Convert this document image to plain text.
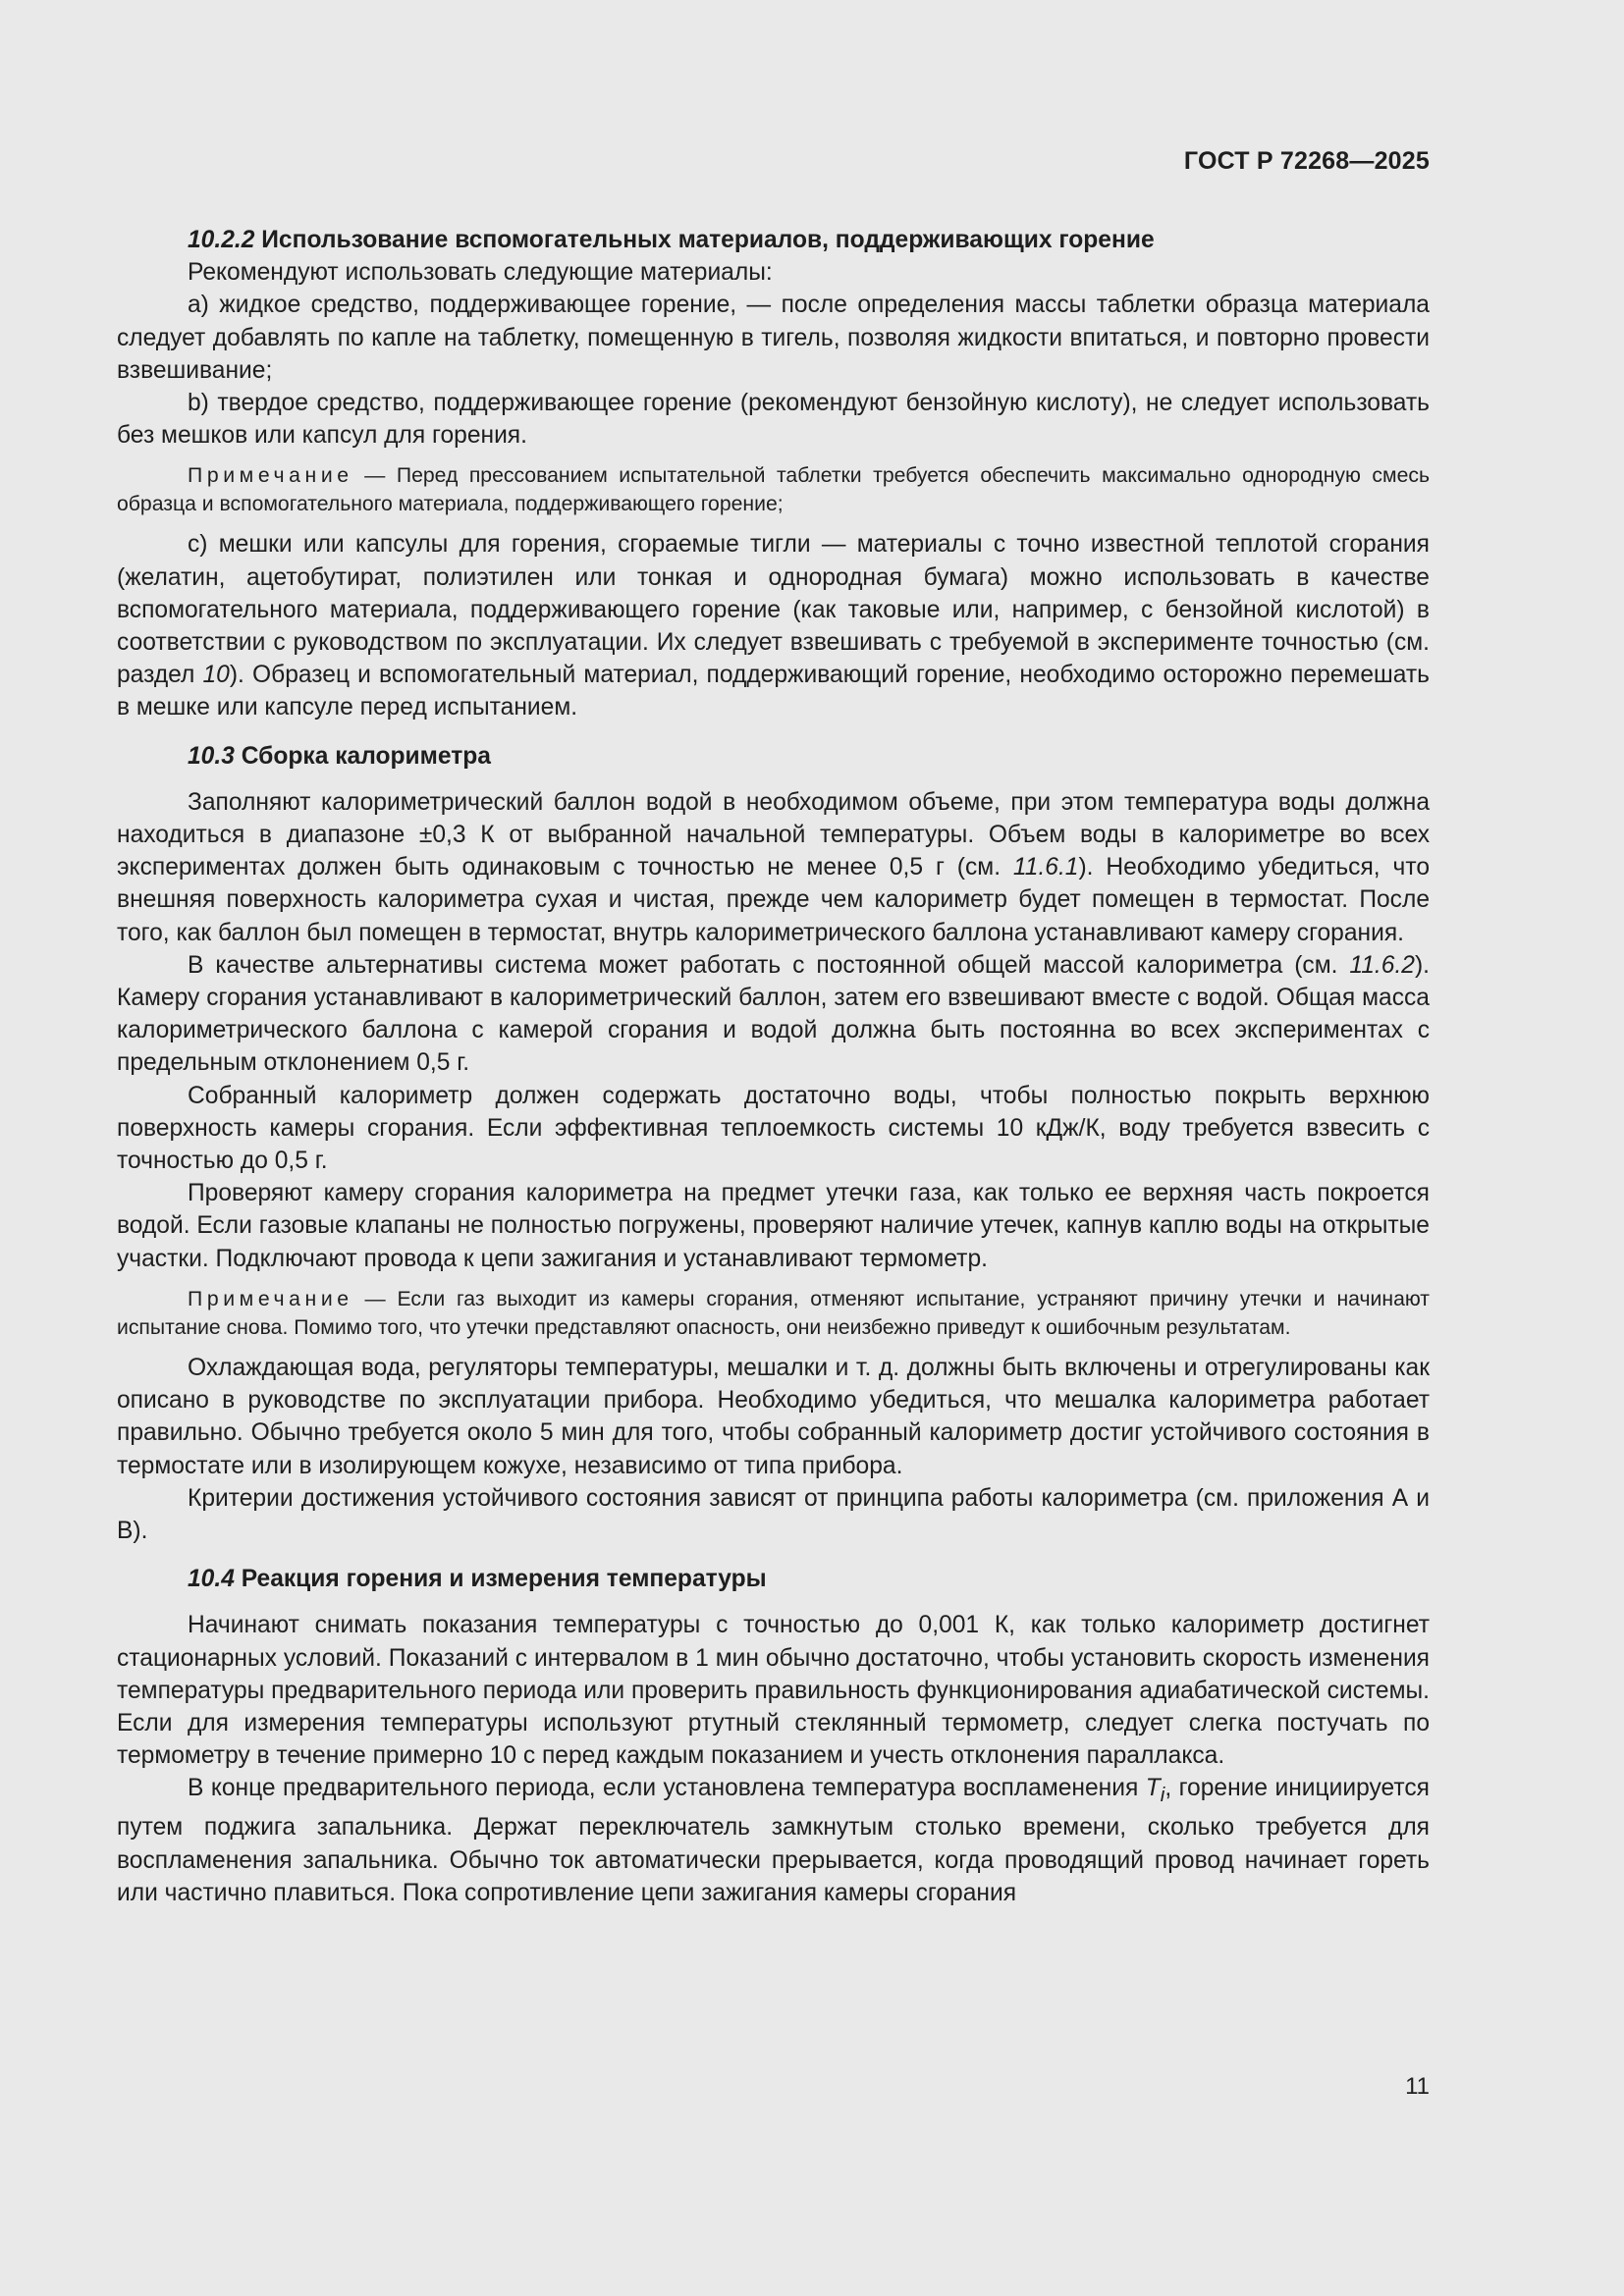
ГОСТ Р 72268—2025

10.2.2 Использование вспомогательных материалов, поддерживающих горение

Рекомендуют использовать следующие материалы:

a) жидкое средство, поддерживающее горение, — после определения массы таблетки образца материала следует добавлять по капле на таблетку, помещенную в тигель, позволяя жидкости впитаться, и повторно провести взвешивание;

b) твердое средство, поддерживающее горение (рекомендуют бензойную кислоту), не следует использовать без мешков или капсул для горения.

Примечание — Перед прессованием испытательной таблетки требуется обеспечить максимально однородную смесь образца и вспомогательного материала, поддерживающего горение;

c) мешки или капсулы для горения, сгораемые тигли — материалы с точно известной теплотой сгорания (желатин, ацетобутират, полиэтилен или тонкая и однородная бумага) можно использовать в качестве вспомогательного материала, поддерживающего горение (как таковые или, например, с бензойной кислотой) в соответствии с руководством по эксплуатации. Их следует взвешивать с требуемой в эксперименте точностью (см. раздел 10). Образец и вспомогательный материал, поддерживающий горение, необходимо осторожно перемешать в мешке или капсуле перед испытанием.

10.3 Сборка калориметра

Заполняют калориметрический баллон водой в необходимом объеме, при этом температура воды должна находиться в диапазоне ±0,3 К от выбранной начальной температуры. Объем воды в калориметре во всех экспериментах должен быть одинаковым с точностью не менее 0,5 г (см. 11.6.1). Необходимо убедиться, что внешняя поверхность калориметра сухая и чистая, прежде чем калориметр будет помещен в термостат. После того, как баллон был помещен в термостат, внутрь калориметрического баллона устанавливают камеру сгорания.

В качестве альтернативы система может работать с постоянной общей массой калориметра (см. 11.6.2). Камеру сгорания устанавливают в калориметрический баллон, затем его взвешивают вместе с водой. Общая масса калориметрического баллона с камерой сгорания и водой должна быть постоянна во всех экспериментах с предельным отклонением 0,5 г.

Собранный калориметр должен содержать достаточно воды, чтобы полностью покрыть верхнюю поверхность камеры сгорания. Если эффективная теплоемкость системы 10 кДж/К, воду требуется взвесить с точностью до 0,5 г.

Проверяют камеру сгорания калориметра на предмет утечки газа, как только ее верхняя часть покроется водой. Если газовые клапаны не полностью погружены, проверяют наличие утечек, капнув каплю воды на открытые участки. Подключают провода к цепи зажигания и устанавливают термометр.

Примечание — Если газ выходит из камеры сгорания, отменяют испытание, устраняют причину утечки и начинают испытание снова. Помимо того, что утечки представляют опасность, они неизбежно приведут к ошибочным результатам.

Охлаждающая вода, регуляторы температуры, мешалки и т. д. должны быть включены и отрегулированы как описано в руководстве по эксплуатации прибора. Необходимо убедиться, что мешалка калориметра работает правильно. Обычно требуется около 5 мин для того, чтобы собранный калориметр достиг устойчивого состояния в термостате или в изолирующем кожухе, независимо от типа прибора.

Критерии достижения устойчивого состояния зависят от принципа работы калориметра (см. приложения А и В).

10.4 Реакция горения и измерения температуры

Начинают снимать показания температуры с точностью до 0,001 К, как только калориметр достигнет стационарных условий. Показаний с интервалом в 1 мин обычно достаточно, чтобы установить скорость изменения температуры предварительного периода или проверить правильность функционирования адиабатической системы. Если для измерения температуры используют ртутный стеклянный термометр, следует слегка постучать по термометру в течение примерно 10 с перед каждым показанием и учесть отклонения параллакса.

В конце предварительного периода, если установлена температура воспламенения $T_i$, горение инициируется путем поджига запальника. Держат переключатель замкнутым столько времени, сколько требуется для воспламенения запальника. Обычно ток автоматически прерывается, когда проводящий провод начинает гореть или частично плавиться. Пока сопротивление цепи зажигания камеры сгорания

11
